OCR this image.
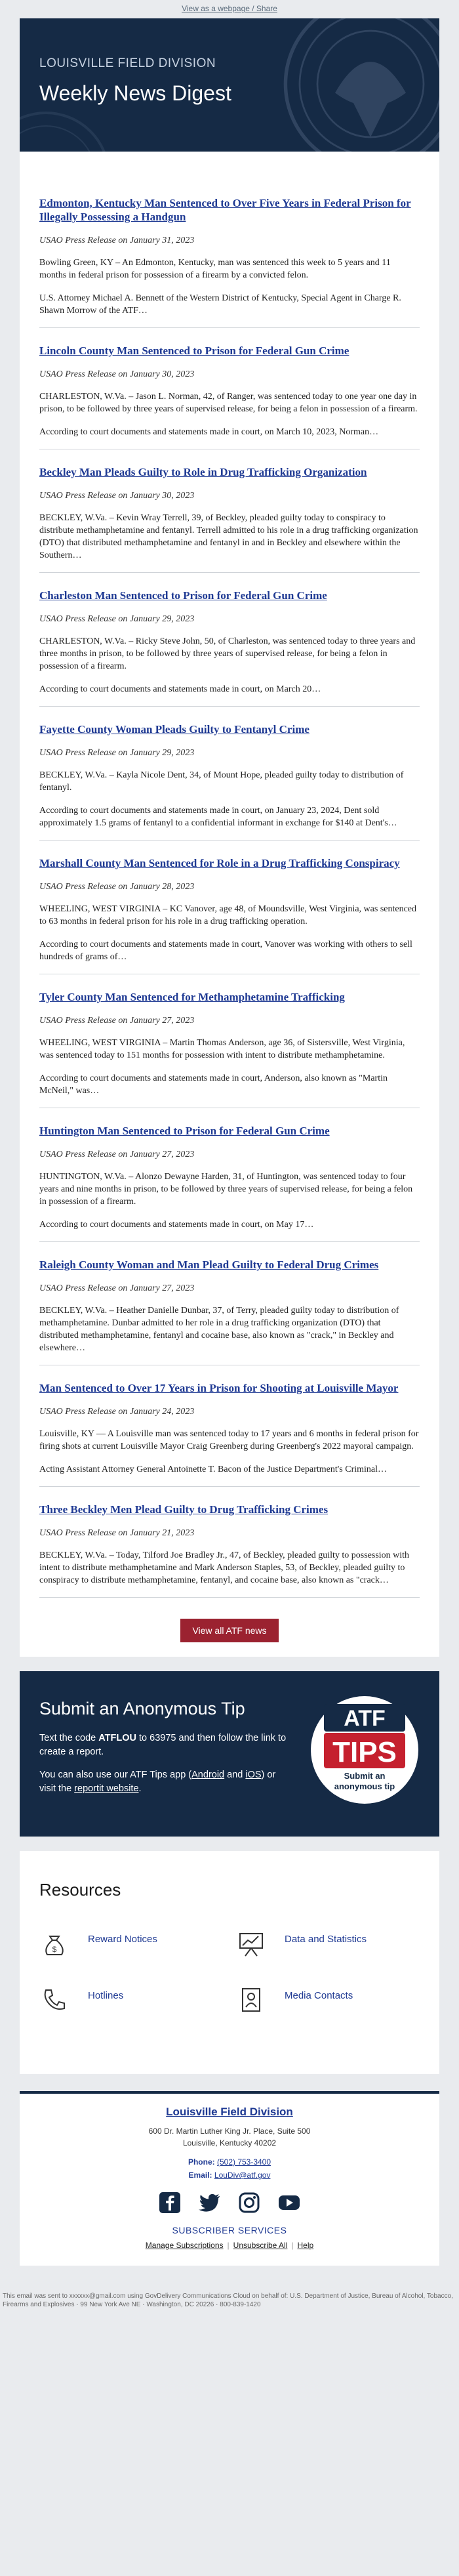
View as a webpage / Share
LOUISVILLE FIELD DIVISION
Weekly News Digest
Edmonton, Kentucky Man Sentenced to Over Five Years in Federal Prison for Illegally Possessing a Handgun
USAO Press Release on January 31, 2023

Bowling Green, KY – An Edmonton, Kentucky, man was sentenced this week to 5 years and 11 months in federal prison for possession of a firearm by a convicted felon.

U.S. Attorney Michael A. Bennett of the Western District of Kentucky, Special Agent in Charge R. Shawn Morrow of the ATF…

Lincoln County Man Sentenced to Prison for Federal Gun Crime
USAO Press Release on January 30, 2023

CHARLESTON, W.Va. – Jason L. Norman, 42, of Ranger, was sentenced today to one year one day in prison, to be followed by three years of supervised release, for being a felon in possession of a firearm.

According to court documents and statements made in court, on March 10, 2023, Norman…

Beckley Man Pleads Guilty to Role in Drug Trafficking Organization
USAO Press Release on January 30, 2023

BECKLEY, W.Va. – Kevin Wray Terrell, 39, of Beckley, pleaded guilty today to conspiracy to distribute methamphetamine and fentanyl. Terrell admitted to his role in a drug trafficking organization (DTO) that distributed methamphetamine and fentanyl in and in Beckley and elsewhere within the Southern…

Charleston Man Sentenced to Prison for Federal Gun Crime
USAO Press Release on January 29, 2023

CHARLESTON, W.Va. – Ricky Steve John, 50, of Charleston, was sentenced today to three years and three months in prison, to be followed by three years of supervised release, for being a felon in possession of a firearm.

According to court documents and statements made in court, on March 20…

Fayette County Woman Pleads Guilty to Fentanyl Crime
USAO Press Release on January 29, 2023

BECKLEY, W.Va. – Kayla Nicole Dent, 34, of Mount Hope, pleaded guilty today to distribution of fentanyl.

According to court documents and statements made in court, on January 23, 2024, Dent sold approximately 1.5 grams of fentanyl to a confidential informant in exchange for $140 at Dent's…

Marshall County Man Sentenced for Role in a Drug Trafficking Conspiracy
USAO Press Release on January 28, 2023

WHEELING, WEST VIRGINIA – KC Vanover, age 48, of Moundsville, West Virginia, was sentenced to 63 months in federal prison for his role in a drug trafficking operation.

According to court documents and statements made in court, Vanover was working with others to sell hundreds of grams of…

Tyler County Man Sentenced for Methamphetamine Trafficking
USAO Press Release on January 27, 2023

WHEELING, WEST VIRGINIA – Martin Thomas Anderson, age 36, of Sistersville, West Virginia, was sentenced today to 151 months for possession with intent to distribute methamphetamine.

According to court documents and statements made in court, Anderson, also known as "Martin McNeil," was…

Huntington Man Sentenced to Prison for Federal Gun Crime
USAO Press Release on January 27, 2023

HUNTINGTON, W.Va. – Alonzo Dewayne Harden, 31, of Huntington, was sentenced today to four years and nine months in prison, to be followed by three years of supervised release, for being a felon in possession of a firearm.

According to court documents and statements made in court, on May 17…

Raleigh County Woman and Man Plead Guilty to Federal Drug Crimes
USAO Press Release on January 27, 2023

BECKLEY, W.Va. – Heather Danielle Dunbar, 37, of Terry, pleaded guilty today to distribution of methamphetamine. Dunbar admitted to her role in a drug trafficking organization (DTO) that distributed methamphetamine, fentanyl and cocaine base, also known as "crack," in Beckley and elsewhere…

Man Sentenced to Over 17 Years in Prison for Shooting at Louisville Mayor
USAO Press Release on January 24, 2023

Louisville, KY — A Louisville man was sentenced today to 17 years and 6 months in federal prison for firing shots at current Louisville Mayor Craig Greenberg during Greenberg's 2022 mayoral campaign.

Acting Assistant Attorney General Antoinette T. Bacon of the Justice Department's Criminal…

Three Beckley Men Plead Guilty to Drug Trafficking Crimes
USAO Press Release on January 21, 2023

BECKLEY, W.Va. – Today, Tilford Joe Bradley Jr., 47, of Beckley, pleaded guilty to possession with intent to distribute methamphetamine and Mark Anderson Staples, 53, of Beckley, pleaded guilty to conspiracy to distribute methamphetamine, fentanyl, and cocaine base, also known as "crack…

View all ATF news
Submit an Anonymous Tip
Text the code ATFLOU to 63975 and then follow the link to create a report.
You can also use our ATF Tips app (Android and iOS) or visit the reportit website.
ATF
TIPS
Submit an
anonymous tip
Resources
$
Reward Notices	Data and Statistics
Hotlines	Media Contacts
Louisville Field Division
600 Dr. Martin Luther King Jr. Place, Suite 500
Louisville, Kentucky 40202
Phone: (502) 753-3400
Email: LouDiv@atf.gov

SUBSCRIBER SERVICES
Manage Subscriptions | Unsubscribe All | Help
This email was sent to xxxxxx@gmail.com using GovDelivery Communications Cloud on behalf of: U.S. Department of Justice, Bureau of Alcohol, Tobacco, Firearms and Explosives · 99 New York Ave NE · Washington, DC 20226 · 800-839-1420
